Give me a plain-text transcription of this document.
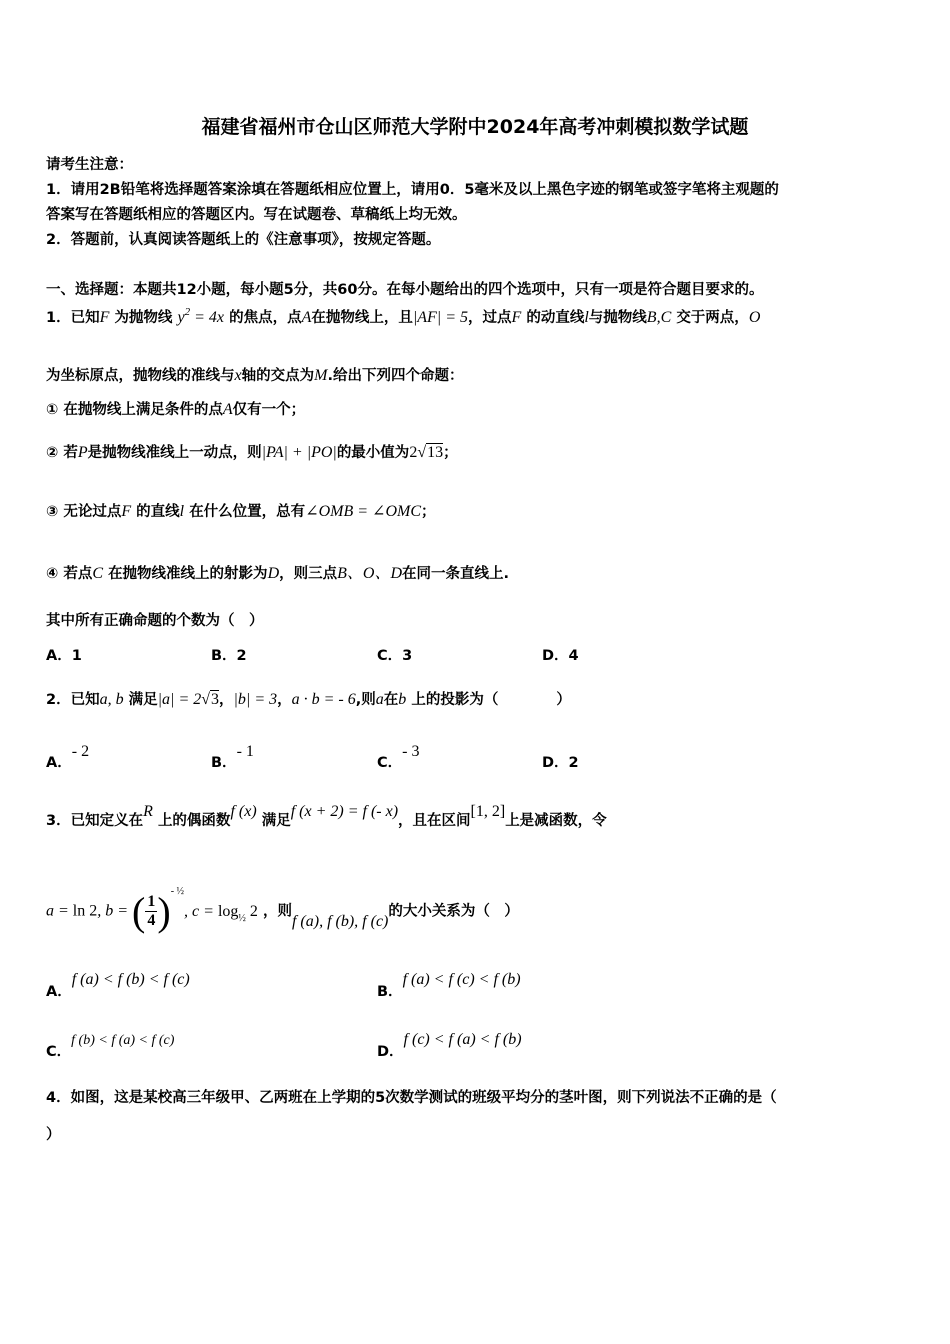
福建省福州市仓山区师范大学附中2024年高考冲刺模拟数学试题
请考生注意：
1．请用2B铅笔将选择题答案涂填在答题纸相应位置上，请用0．5毫米及以上黑色字迹的钢笔或签字笔将主观题的
答案写在答题纸相应的答题区内。写在试题卷、草稿纸上均无效。
2．答题前，认真阅读答题纸上的《注意事项》，按规定答题。
一、选择题：本题共12小题，每小题5分，共60分。在每小题给出的四个选项中，只有一项是符合题目要求的。
1．已知F 为抛物线 $y^2 = 4x$ 的焦点，点A在抛物线上，且|AF| = 5，过点F 的动直线l与抛物线B,C 交于两点，O
为坐标原点，抛物线的准线与x轴的交点为M.给出下列四个命题：
① 在抛物线上满足条件的点A仅有一个；
② 若P是抛物线准线上一动点，则|PA| + |PO|的最小值为2√13；
③ 无论过点F 的直线l 在什么位置，总有∠OMB = ∠OMC；
④ 若点C 在抛物线准线上的射影为D，则三点B、O、D在同一条直线上.
其中所有正确命题的个数为（　）
A．1	B．2	C．3	D．4
2．已知a, b 满足|a| = 2√3，|b| = 3，a · b = - 6,则a在b 上的投影为（　　　　）
A．- 2
B．- 1
C．- 3
D．2
3．已知定义在R 上的偶函数f (x) 满足f (x + 2) = f (- x)，且在区间[1, 2]上是减函数，令
a = ln 2, b = ( $\frac{1}{4} )^{- \frac{1}{2}}$, $c = \log_{\frac{1}{2}} 2$ ，则f (a), f (b), f (c)的大小关系为（　）
A．f (a) < f (b) < f (c)
B．f (a) < f (c) < f (b)
C．f (b) < f (a) < f (c)
D．f (c) < f (a) < f (b)
4．如图，这是某校高三年级甲、乙两班在上学期的5次数学测试的班级平均分的茎叶图，则下列说法不正确的是（
）
